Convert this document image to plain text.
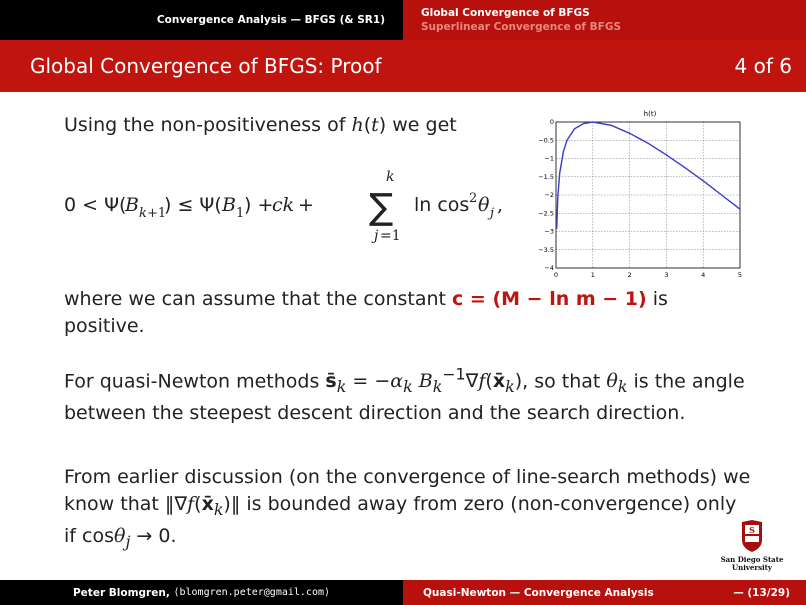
Convergence Analysis — BFGS (& SR1)
Global Convergence of BFGS
Superlinear Convergence of BFGS
Global Convergence of BFGS: Proof	4 of 6
Using the non-positiveness of h(t) we get
0 < Ψ(
B k +1
) ≤ Ψ( B 1 ) +
ck +
k
∑
j =1
ln cos 2 θ j ,
where we can assume that the constant c = (M − ln m − 1) is positive.
For quasi-Newton methods $s̄_k = -\alpha_k$ $B_k^{-1}\nabla f(x̄_k)$, so that $\theta_k$ is the angle between the steepest descent direction and the search direction.
From earlier discussion (on the convergence of line-search methods) we know that $‖\nabla f(x̄_k)‖$ is bounded away from zero (non-convergence) only if cosθ$_j$ → 0.
h(t)
0	1	2	3	4	5
0
−0.5
−1
−1.5
−2
−2.5
−3
−3.5
−4
S
San Diego State
University
Peter Blomgren,
⟨blomgren.peter@gmail.com⟩	Quasi-Newton — Convergence Analysis	— (13/29)
